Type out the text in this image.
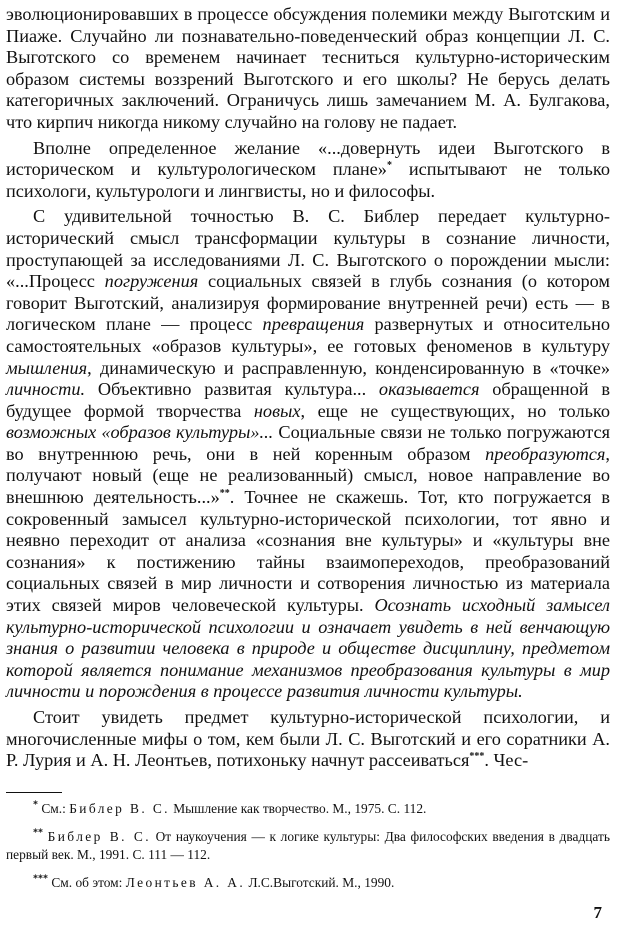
эволюционировавших в процессе обсуждения полемики между Выготским и Пиаже. Случайно ли познавательно-поведенческий образ концепции Л. С. Выготского со временем начинает тесниться культурно-историческим образом системы воззрений Выготского и его школы? Не берусь делать категоричных заключений. Ограничусь лишь замечанием М. А. Булгакова, что кирпич никогда никому случайно на голову не падает.

Вполне определенное желание «...довернуть идеи Выготского в историческом и культурологическом плане»* испытывают не только психологи, культурологи и лингвисты, но и философы.

С удивительной точностью В. С. Библер передает культурно-исторический смысл трансформации культуры в сознание личности, проступающей за исследованиями Л. С. Выготского о порождении мысли: «...Процесс погружения социальных связей в глубь сознания (о котором говорит Выготский, анализируя формирование внутренней речи) есть — в логическом плане — процесс превращения развернутых и относительно самостоятельных «образов культуры», ее готовых феноменов в культуру мышления, динамическую и расправленную, конденсированную в «точке» личности. Объективно развитая культура... оказывается обращенной в будущее формой творчества новых, еще не существующих, но только возможных «образов культуры»... Социальные связи не только погружаются во внутреннюю речь, они в ней коренным образом преобразуются, получают новый (еще не реализованный) смысл, новое направление во внешнюю деятельность...»**. Точнее не скажешь. Тот, кто погружается в сокровенный замысел культурно-исторической психологии, тот явно и неявно переходит от анализа «сознания вне культуры» и «культуры вне сознания» к постижению тайны взаимопереходов, преобразований социальных связей в мир личности и сотворения личностью из материала этих связей миров человеческой культуры. Осознать исходный замысел культурно-исторической психологии и означает увидеть в ней венчающую знания о развитии человека в природе и обществе дисциплину, предметом которой является понимание механизмов преобразования культуры в мир личности и порождения в процессе развития личности культуры.

Стоит увидеть предмет культурно-исторической психологии, и многочисленные мифы о том, кем были Л. С. Выготский и его соратники А. Р. Лурия и А. Н. Леонтьев, потихоньку начнут рассеиваться***. Чес-

* См.: Библер В. С. Мышление как творчество. М., 1975. С. 112.

** Библер В. С. От наукоучения — к логике культуры: Два философских введения в двадцать первый век. М., 1991. С. 111 — 112.

*** См. об этом: Леонтьев А. А. Л.С.Выготский. М., 1990.

7
